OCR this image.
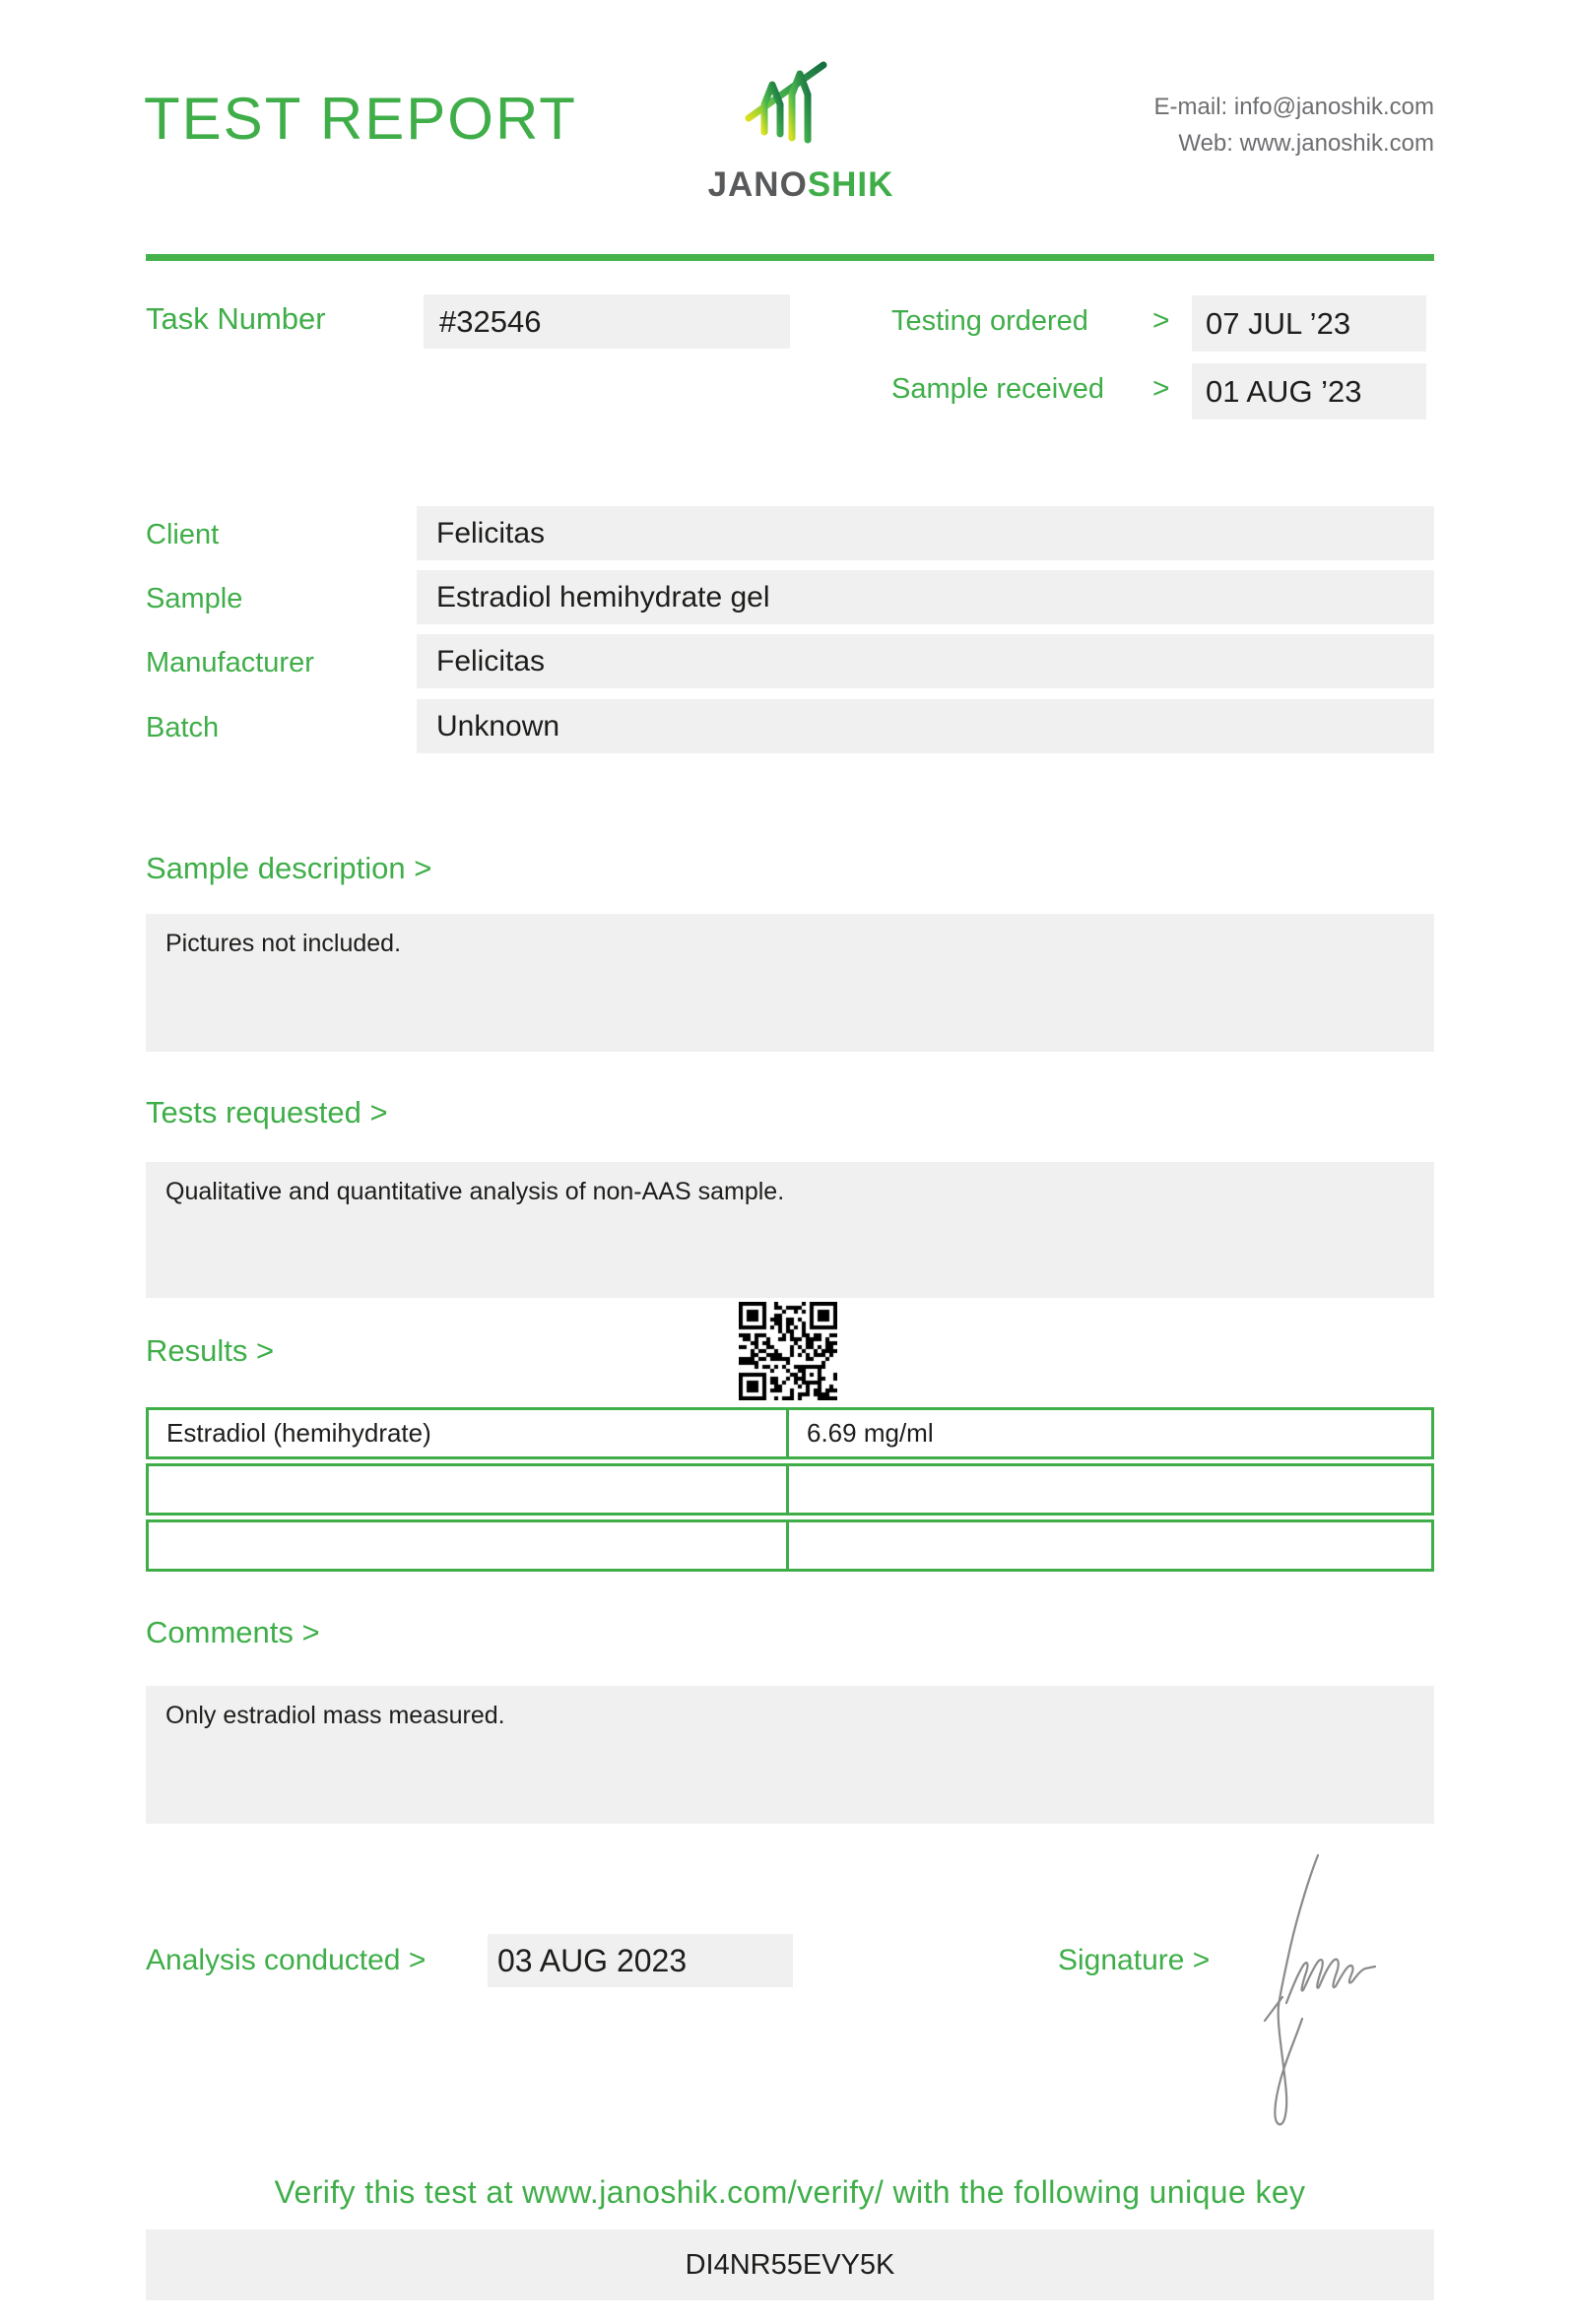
TEST REPORT
JANOSHIK
E-mail: info@janoshik.com
Web: www.janoshik.com
Task Number	#32546	Testing ordered >	07 JUL ’23
Sample received >	01 AUG ’23
Client	Felicitas
Sample	Estradiol hemihydrate gel
Manufacturer	Felicitas
Batch	Unknown
Sample description >
Pictures not included.
Tests requested >
Qualitative and quantitative analysis of non-AAS sample.
Results >
Estradiol (hemihydrate)	6.69 mg/ml
Comments >
Only estradiol mass measured.
Analysis conducted >	03 AUG 2023	Signature >
Verify this test at www.janoshik.com/verify/ with the following unique key
DI4NR55EVY5K
